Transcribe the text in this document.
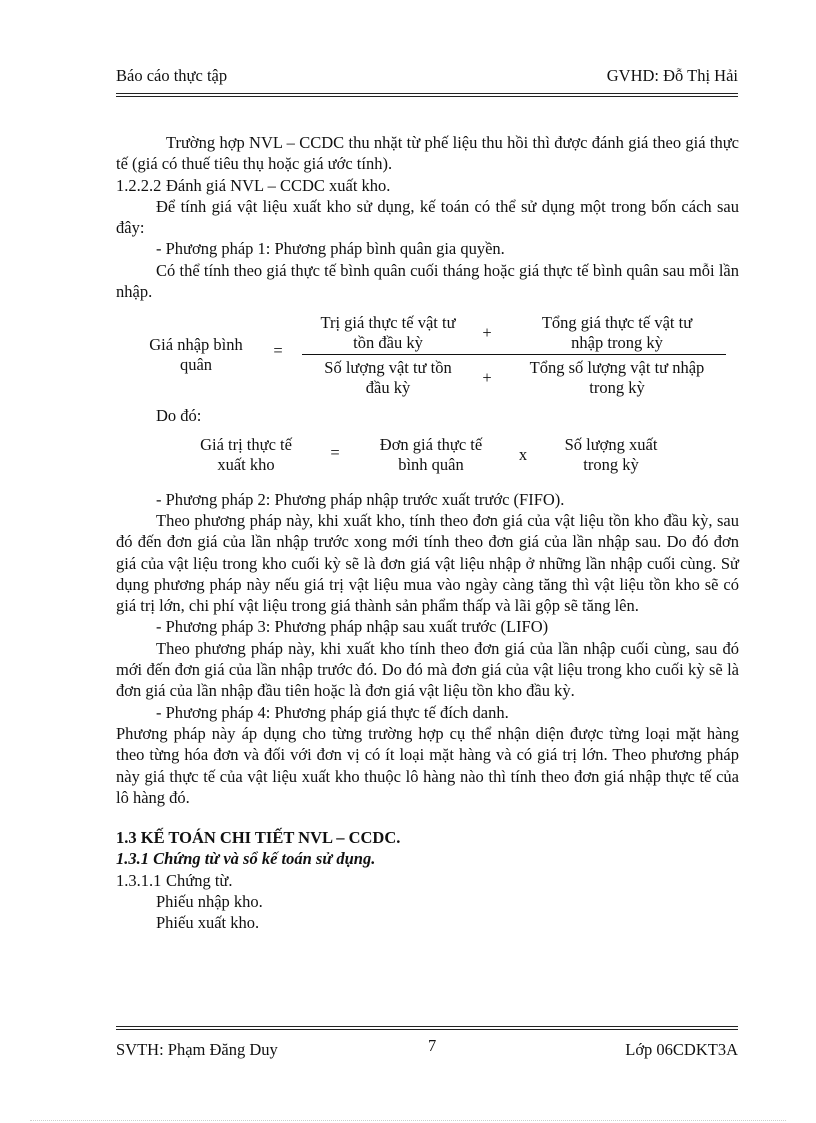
Báo cáo thực tập	GVHD: Đỗ Thị Hải

Trường hợp NVL – CCDC thu nhặt từ phế liệu thu hồi thì được đánh giá theo giá thực tế (giá có thuế tiêu thụ hoặc giá ước tính).

1.2.2.2 Đánh giá NVL – CCDC xuất kho.

Để tính giá vật liệu xuất kho sử dụng, kế toán có thể sử dụng một trong bốn cách sau đây:

- Phương pháp 1: Phương pháp bình quân gia quyền.

Có thể tính theo giá thực tế bình quân cuối tháng hoặc giá thực tế bình quân sau mỗi lần nhập.

Giá nhập bình
quân
=
Trị giá thực tế vật tư
tồn đầu kỳ
+
Tổng giá thực tế vật tư
nhập trong kỳ
Số lượng vật tư tồn
đầu kỳ
+
Tổng số lượng vật tư nhập
trong kỳ

Do đó:

Giá trị thực tế
xuất kho
=	Đơn giá thực tế
bình quân
x
Số lượng xuất
trong kỳ

- Phương pháp 2: Phương pháp nhập trước xuất trước (FIFO).

Theo phương pháp này, khi xuất kho, tính theo đơn giá của vật liệu tồn kho đầu kỳ, sau đó đến đơn giá của lần nhập trước xong mới tính theo đơn giá của lần nhập sau. Do đó đơn giá của vật liệu trong kho cuối kỳ sẽ là đơn giá vật liệu nhập ở những lần nhập cuối cùng. Sử dụng phương pháp này nếu giá trị vật liệu mua vào ngày càng tăng thì vật liệu tồn kho sẽ có giá trị lớn, chi phí vật liệu trong giá thành sản phẩm thấp và lãi gộp sẽ tăng lên.

- Phương pháp 3: Phương pháp nhập sau xuất trước (LIFO)

Theo phương pháp này, khi xuất kho tính theo đơn giá của lần nhập cuối cùng, sau đó mới đến đơn giá của lần nhập trước đó. Do đó mà đơn giá của vật liệu trong kho cuối kỳ sẽ là đơn giá của lần nhập đầu tiên hoặc là đơn giá vật liệu tồn kho đầu kỳ.

- Phương pháp 4: Phương pháp giá thực tế đích danh.

Phương pháp này áp dụng cho từng trường hợp cụ thể nhận diện được từng loại mặt hàng theo từng hóa đơn và đối với đơn vị có ít loại mặt hàng và có giá trị lớn. Theo phương pháp này giá thực tế của vật liệu xuất kho thuộc lô hàng nào thì tính theo đơn giá nhập thực tế của lô hàng đó.

1.3 KẾ TOÁN CHI TIẾT NVL – CCDC.

1.3.1 Chứng từ và sổ kế toán sử dụng.

1.3.1.1 Chứng từ.

Phiếu nhập kho.

Phiếu xuất kho.

SVTH: Phạm Đăng Duy	7	Lớp 06CDKT3A
